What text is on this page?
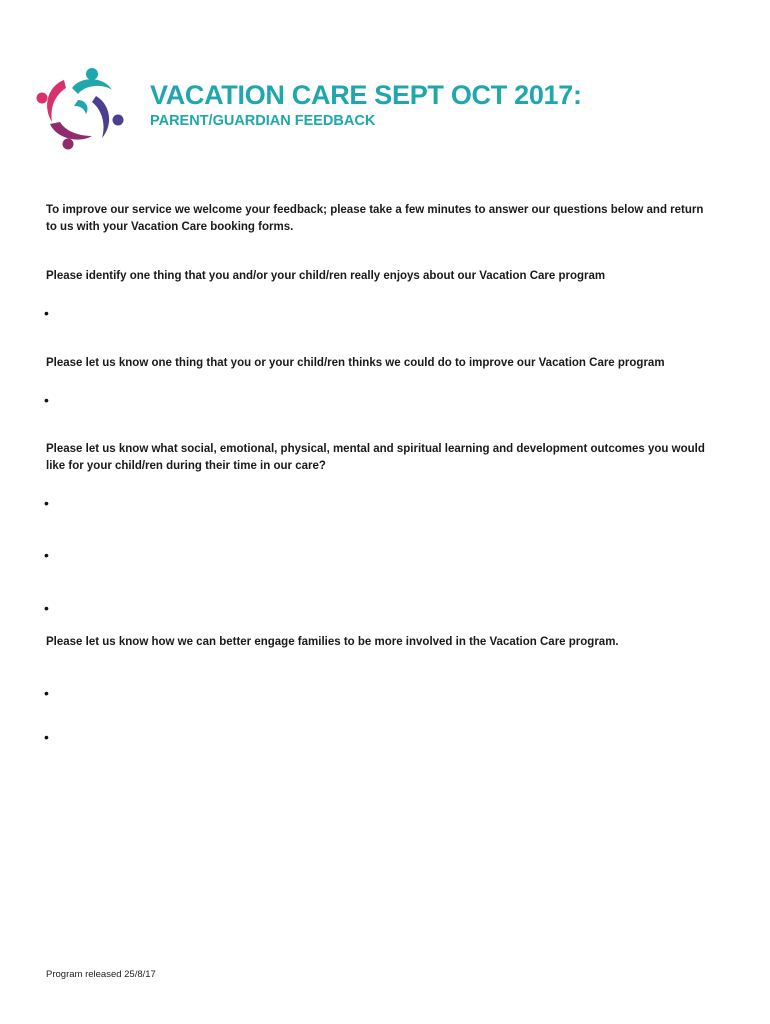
VACATION CARE SEPT OCT 2017:
PARENT/GUARDIAN FEEDBACK
To improve our service we welcome your feedback; please take a few minutes to answer our questions below and return to us with your Vacation Care booking forms.
Please identify one thing that you and/or your child/ren really enjoys about our Vacation Care program
•
Please let us know one thing that you or your child/ren thinks we could do to improve our Vacation Care program
•
Please let us know what social, emotional, physical, mental and spiritual learning and development outcomes you would like for your child/ren during their time in our care?
•
•
•
Please let us know how we can better engage families to be more involved in the Vacation Care program.
•
•
Program released 25/8/17
